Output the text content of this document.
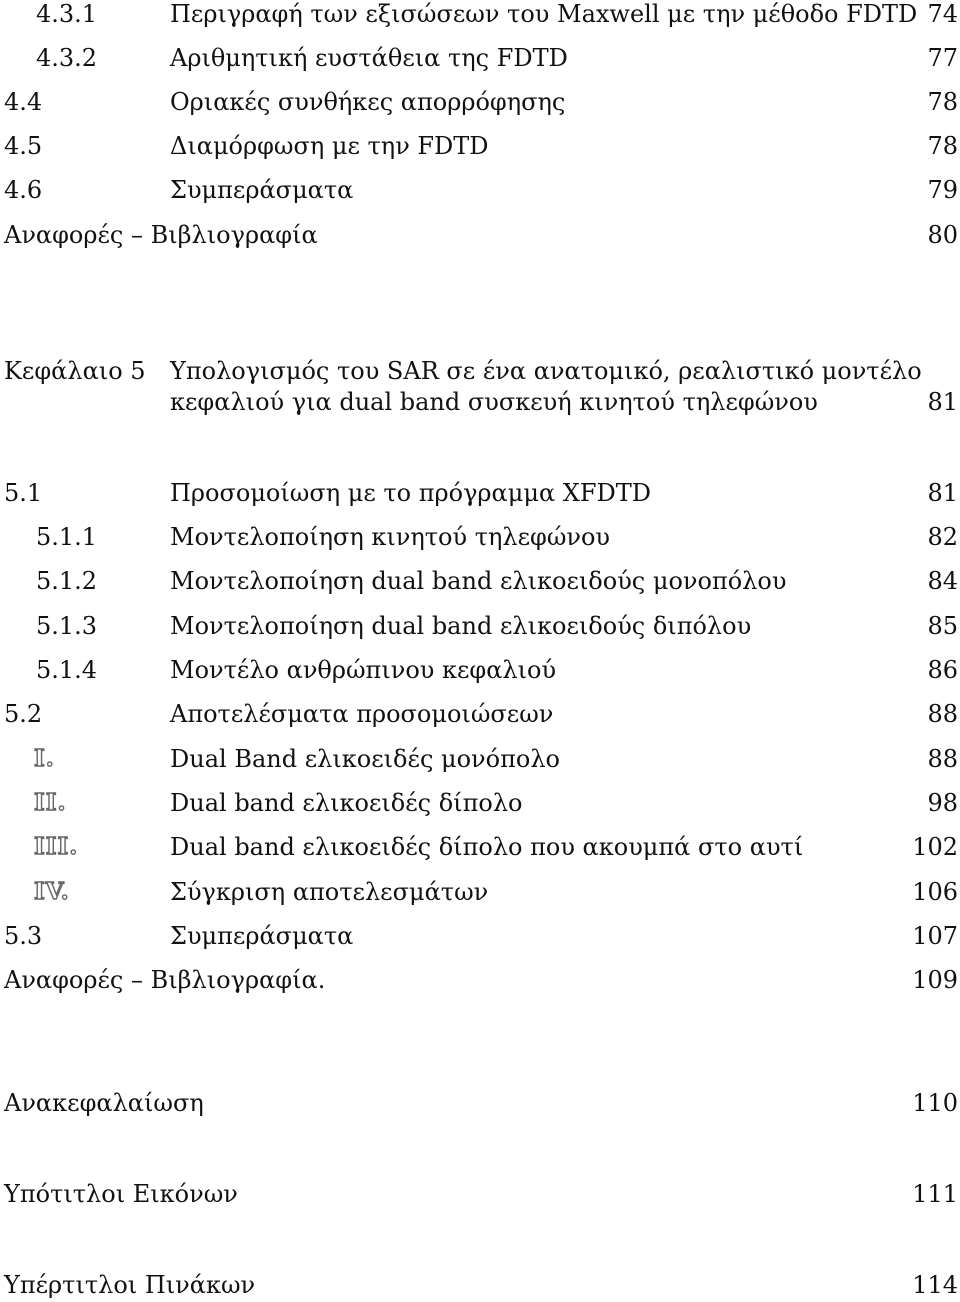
4.3.1	Περιγραφή των εξισώσεων του Maxwell με την μέθοδο FDTD 74
4.3.2	Αριθμητική ευστάθεια της FDTD	77
4.4	Οριακές συνθήκες απορρόφησης	78
4.5	Διαμόρφωση με την FDTD	78
4.6	Συμπεράσματα	79
Αναφορές – Βιβλιογραφία	80
Κεφάλαιο 5 Υπολογισμός του SAR σε ένα ανατομικό, ρεαλιστικό μοντέλο
κεφαλιού για dual band συσκευή κινητού τηλεφώνου	81
5.1	Προσομοίωση με το πρόγραμμα XFDTD	81
5.1.1	Μοντελοποίηση κινητού τηλεφώνου	82
5.1.2	Μοντελοποίηση dual band ελικοειδούς μονοπόλου	84
5.1.3	Μοντελοποίηση dual band ελικοειδούς διπόλου	85
5.1.4	Μοντέλο ανθρώπινου κεφαλιού	86
5.2	Αποτελέσματα προσομοιώσεων	88
I.	Dual Band ελικοειδές μονόπολο	88
II.	Dual band ελικοειδές δίπολο	98
III.	Dual band ελικοειδές δίπολο που ακουμπά στο αυτί	102
IV.	Σύγκριση αποτελεσμάτων	106
5.3	Συμπεράσματα	107
Αναφορές – Βιβλιογραφία.	109
Ανακεφαλαίωση	110
Υπότιτλοι Εικόνων	111
Υπέρτιτλοι Πινάκων	114
